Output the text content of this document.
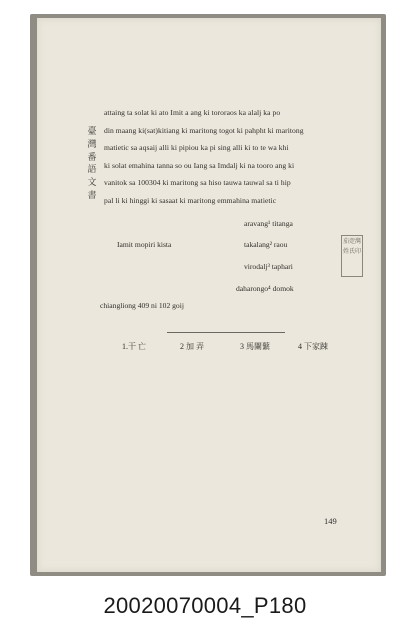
臺灣番語文書
attaing ta solat ki ato Imit a ang ki tororaos ka alalj ka po
din maang ki(sat)kitiang ki maritong togot ki pahpht ki maritong
matietic sa aqsaij alli ki pipiou ka pi sing alli ki to te wa khi
ki solat emahina tanna so ou Iang sa Imdalj ki na tooro ang ki
vanitok sa 100304 ki maritong sa hiso tauwa tauwal sa ti hip
pal li ki hinggi ki sasaat ki maritong emmahina matietic
aravang¹ titanga
Iamit mopiri kista	takalang² raou
virodalj³ taphari
daharongo⁴ domok
茄萣灣姓氏印
chiangliong 409 ni 102 goij
1.干 亡	2 加 弄	3 馬闌蘩	4 下家踈
149
20020070004_P180
